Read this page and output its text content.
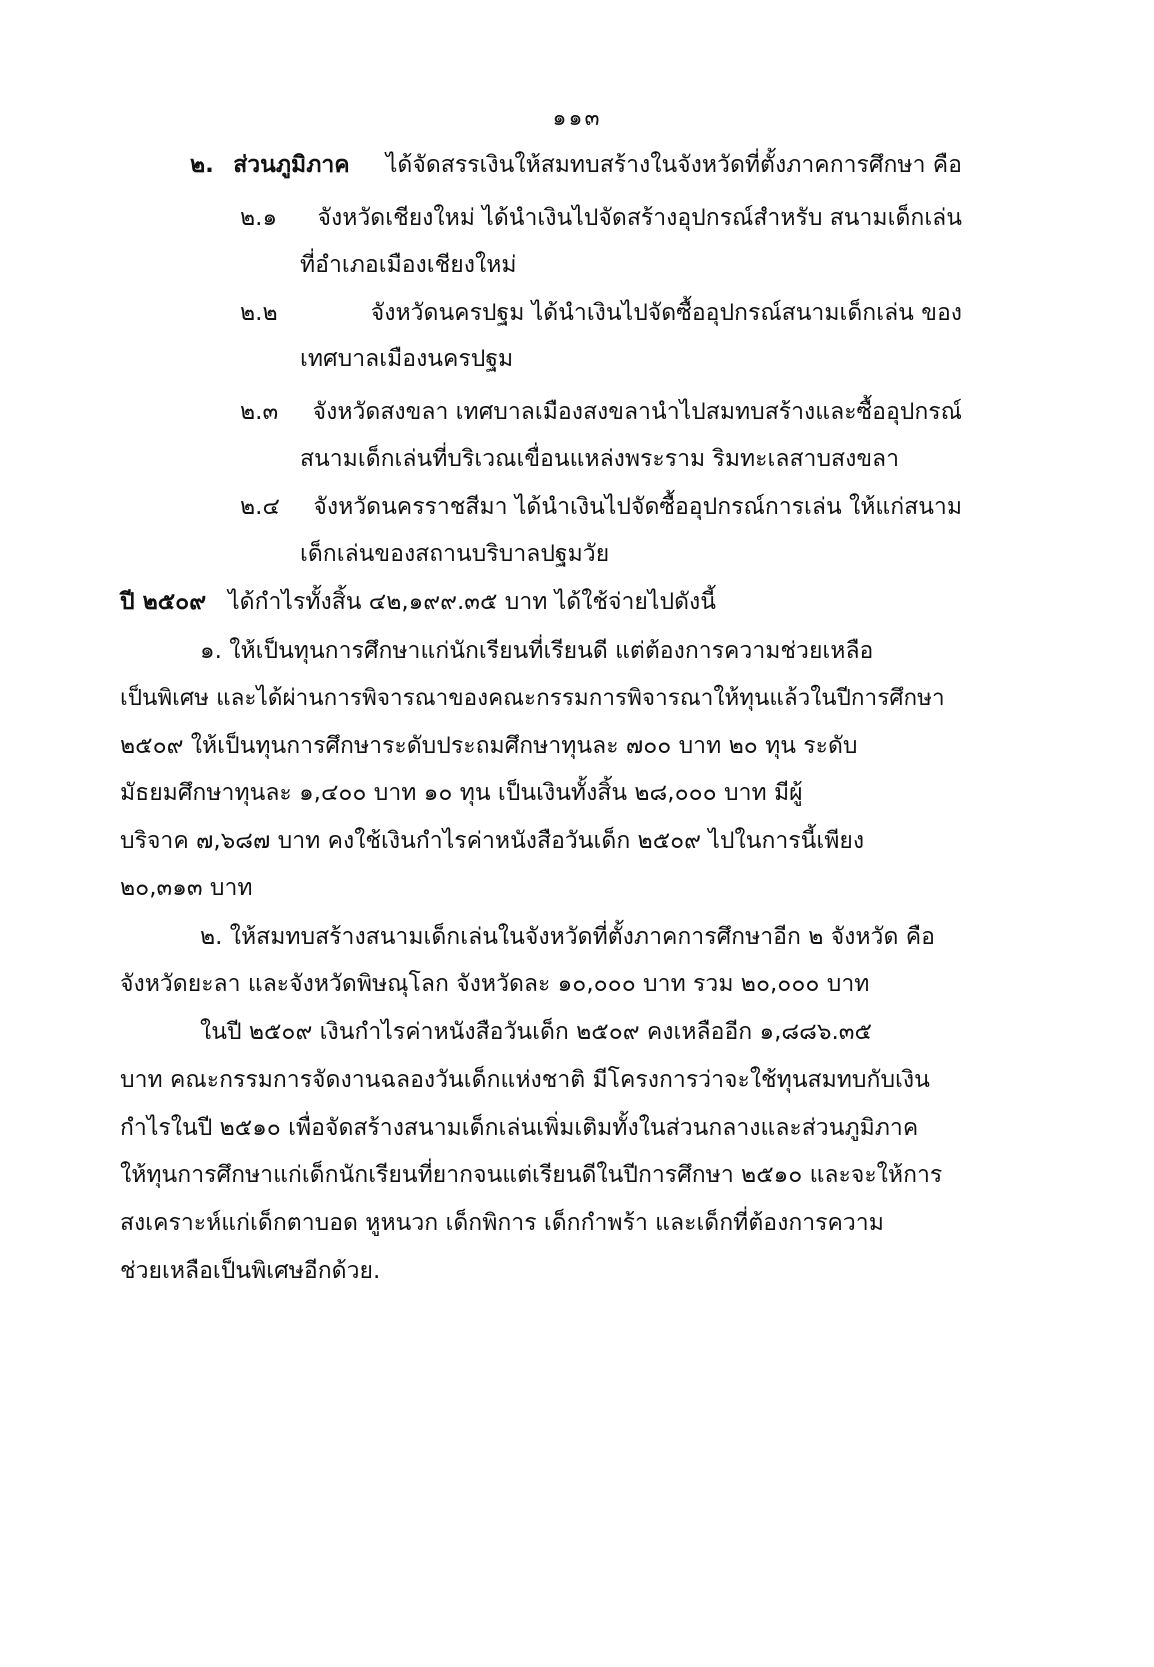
๑๑๓
๒. ส่วนภูมิภาค ได้จัดสรรเงินให้สมทบสร้างในจังหวัดที่ตั้งภาคการศึกษา คือ
๒.๑ จังหวัดเชียงใหม่ ได้นำเงินไปจัดสร้างอุปกรณ์สำหรับ สนามเด็กเล่น
ที่อำเภอเมืองเชียงใหม่
๒.๒	จังหวัดนครปฐม ได้นำเงินไปจัดซื้ออุปกรณ์สนามเด็กเล่น ของ
เทศบาลเมืองนครปฐม
๒.๓ จังหวัดสงขลา เทศบาลเมืองสงขลานำไปสมทบสร้างและซื้ออุปกรณ์
สนามเด็กเล่นที่บริเวณเขื่อนแหล่งพระราม ริมทะเลสาบสงขลา
๒.๔ จังหวัดนครราชสีมา ได้นำเงินไปจัดซื้ออุปกรณ์การเล่น ให้แก่สนาม
เด็กเล่นของสถานบริบาลปฐมวัย
ปี ๒๕๐๙ ได้กำไรทั้งสิ้น ๔๒,๑๙๙.๓๕ บาท ได้ใช้จ่ายไปดังนี้
๑. ให้เป็นทุนการศึกษาแก่นักเรียนที่เรียนดี แต่ต้องการความช่วยเหลือ
เป็นพิเศษ และได้ผ่านการพิจารณาของคณะกรรมการพิจารณาให้ทุนแล้วในปีการศึกษา
๒๕๐๙ ให้เป็นทุนการศึกษาระดับประถมศึกษาทุนละ ๗๐๐ บาท ๒๐ ทุน ระดับ
มัธยมศึกษาทุนละ ๑,๔๐๐ บาท ๑๐ ทุน เป็นเงินทั้งสิ้น ๒๘,๐๐๐ บาท มีผู้
บริจาค ๗,๖๘๗ บาท คงใช้เงินกำไรค่าหนังสือวันเด็ก ๒๕๐๙ ไปในการนี้เพียง
๒๐,๓๑๓ บาท
๒. ให้สมทบสร้างสนามเด็กเล่นในจังหวัดที่ตั้งภาคการศึกษาอีก ๒ จังหวัด คือ
จังหวัดยะลา และจังหวัดพิษณุโลก จังหวัดละ ๑๐,๐๐๐ บาท รวม ๒๐,๐๐๐ บาท
ในปี ๒๕๐๙ เงินกำไรค่าหนังสือวันเด็ก ๒๕๐๙ คงเหลืออีก ๑,๘๘๖.๓๕
บาท คณะกรรมการจัดงานฉลองวันเด็กแห่งชาติ มีโครงการว่าจะใช้ทุนสมทบกับเงิน
กำไรในปี ๒๕๑๐ เพื่อจัดสร้างสนามเด็กเล่นเพิ่มเติมทั้งในส่วนกลางและส่วนภูมิภาค
ให้ทุนการศึกษาแก่เด็กนักเรียนที่ยากจนแต่เรียนดีในปีการศึกษา ๒๕๑๐ และจะให้การ
สงเคราะห์แก่เด็กตาบอด หูหนวก เด็กพิการ เด็กกำพร้า และเด็กที่ต้องการความ
ช่วยเหลือเป็นพิเศษอีกด้วย.
